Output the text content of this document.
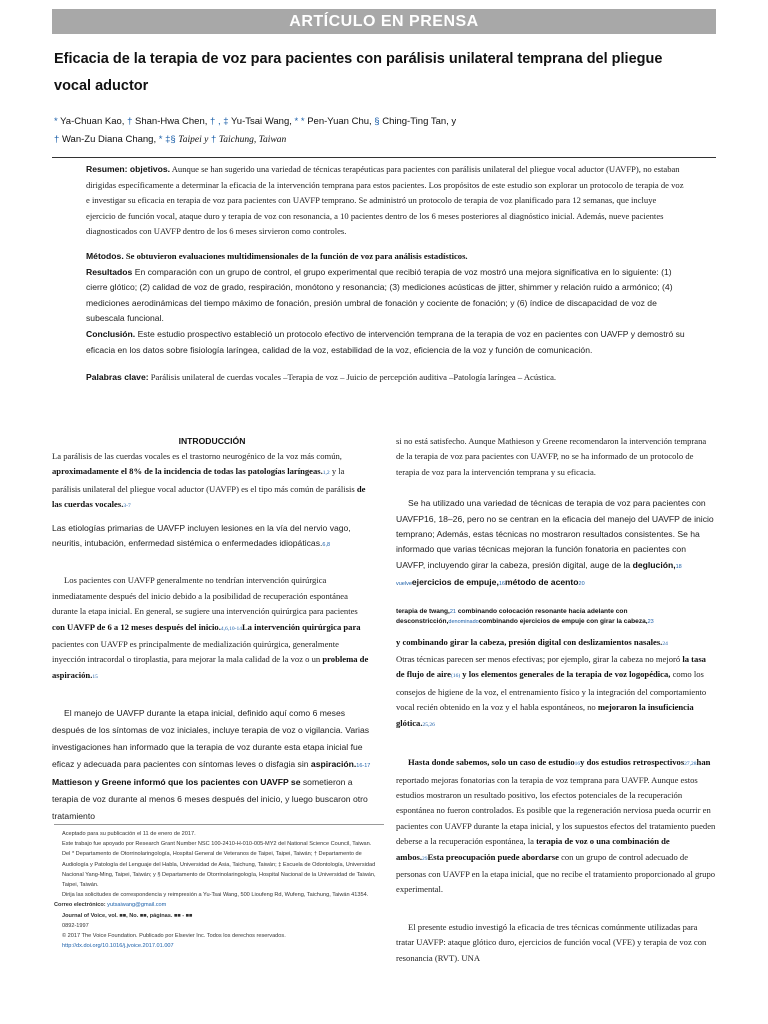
ARTÍCULO EN PRENSA
Eficacia de la terapia de voz para pacientes con parálisis unilateral temprana del pliegue vocal aductor
* Ya-Chuan Kao, † Shan-Hwa Chen, † , ‡ Yu-Tsai Wang, * * Pen-Yuan Chu, § Ching-Ting Tan, y
† Wan-Zu Diana Chang, * ‡§ Taipei y † Taichung, Taiwan

Resumen: objetivos. Aunque se han sugerido una variedad de técnicas terapéuticas para pacientes con parálisis unilateral del pliegue vocal aductor (UAVFP), no estaban dirigidas específicamente a determinar la eficacia de la intervención temprana para estos pacientes. Los propósitos de este estudio son explorar un protocolo de terapia de voz e investigar su eficacia en terapia de voz para pacientes con UAVFP temprano. Se administró un protocolo de terapia de voz planificado para 12 semanas, que incluye ejercicio de función vocal, ataque duro y terapia de voz con resonancia, a 10 pacientes dentro de los 6 meses posteriores al diagnóstico inicial. Además, nueve pacientes diagnosticados con UAVFP dentro de los 6 meses sirvieron como controles.

Métodos. Se obtuvieron evaluaciones multidimensionales de la función de voz para análisis estadísticos.

Resultados En comparación con un grupo de control, el grupo experimental que recibió terapia de voz mostró una mejora significativa en lo siguiente: (1) cierre glótico; (2) calidad de voz de grado, respiración, monótono y resonancia; (3) mediciones acústicas de jitter, shimmer y relación ruido a armónico; (4) mediciones aerodinámicas del tiempo máximo de fonación, presión umbral de fonación y cociente de fonación; y (6) índice de discapacidad de voz de subescala funcional.

Conclusión. Este estudio prospectivo estableció un protocolo efectivo de intervención temprana de la terapia de voz en pacientes con UAVFP y demostró su eficacia en los datos sobre fisiología laríngea, calidad de la voz, estabilidad de la voz, eficiencia de la voz y función de comunicación.

Palabras clave: Parálisis unilateral de cuerdas vocales –Terapia de voz – Juicio de percepción auditiva –Patología laríngea – Acústica.

INTRODUCCIÓN

La parálisis de las cuerdas vocales es el trastorno neurogénico de la voz más común, aproximadamente el 8% de la incidencia de todas las patologías laríngeas.1,2 y la parálisis unilateral del pliegue vocal aductor (UAVFP) es el tipo más común de parálisis de las cuerdas vocales.3-7

Las etiologías primarias de UAVFP incluyen lesiones en la vía del nervio vago, neuritis, intubación, enfermedad sistémica o enfermedades idiopáticas.6,8

Los pacientes con UAVFP generalmente no tendrían intervención quirúrgica inmediatamente después del inicio debido a la posibilidad de recuperación espontánea durante la etapa inicial. En general, se sugiere una intervención quirúrgica para pacientes con UAVFP de 6 a 12 meses después del inicio.4,6,10-14La intervención quirúrgica para pacientes con UAVFP es principalmente de medialización quirúrgica, generalmente inyección intracordal o tiroplastia, para mejorar la mala calidad de la voz o un problema de aspiración.15

El manejo de UAVFP durante la etapa inicial, definido aquí como 6 meses después de los síntomas de voz iniciales, incluye terapia de voz o vigilancia. Varias investigaciones han informado que la terapia de voz durante esta etapa inicial fue eficaz y adecuada para pacientes con síntomas leves o disfagia sin aspiración.16-17 Mattieson y Greene informó que los pacientes con UAVFP se sometieron a terapia de voz durante al menos 6 meses después del inicio, y luego buscaron otro tratamiento

si no está satisfecho. Aunque Mathieson y Greene recomendaron la intervención temprana de la terapia de voz para pacientes con UAVFP, no se ha informado de un protocolo de terapia de voz para la intervención temprana y su eficacia.

Se ha utilizado una variedad de técnicas de terapia de voz para pacientes con UAVFP16, 18–26, pero no se centran en la eficacia del manejo del UAVFP de inicio temprano; Además, estas técnicas no mostraron resultados consistentes. Se ha informado que varias técnicas mejoran la función fonatoria en pacientes con UAVFP, incluyendo girar la cabeza, presión digital, auge de la deglución,18 vuelveejercicios de empuje,16método de acento20

terapia de twang,21 combinando colocación resonante hacia adelante con desconstricción,denominadocombinando ejercicios de empuje con girar la cabeza,23

y combinando girar la cabeza, presión digital con deslizamientos nasales.24

Otras técnicas parecen ser menos efectivas; por ejemplo, girar la cabeza no mejoró la tasa de flujo de aire(16) y los elementos generales de la terapia de voz logopédica, como los consejos de higiene de la voz, el entrenamiento físico y la integración del comportamiento vocal recién obtenido en la voz y el habla espontáneos, no mejoraron la insuficiencia glótica.25,26

Hasta donde sabemos, solo un caso de estudio16y dos estudios retrospectivos27,28han reportado mejoras fonatorias con la terapia de voz temprana para UAVFP. Aunque estos estudios mostraron un resultado positivo, los efectos potenciales de la recuperación espontánea no fueron controlados. Es posible que la regeneración nerviosa pueda ocurrir en pacientes con UAVFP durante la etapa inicial, y los supuestos efectos del tratamiento pueden deberse a la recuperación espontánea, la terapia de voz o una combinación de ambos.29Esta preocupación puede abordarse con un grupo de control adecuado de personas con UAVFP en la etapa inicial, que no recibe el tratamiento proporcionado al grupo experimental.

El presente estudio investigó la eficacia de tres técnicas comúnmente utilizadas para tratar UAVFP: ataque glótico duro, ejercicios de función vocal (VFE) y terapia de voz con resonancia (RVT). UNA

Aceptado para su publicación el 11 de enero de 2017.

Este trabajo fue apoyado por Research Grant Number NSC 100-2410-H-010-005-MY2 del National Science Council, Taiwan.

Del * Departamento de Otorrinolaringología, Hospital General de Veteranos de Taipei, Taipei, Taiwán; † Departamento de Audiología y Patología del Lenguaje del Habla, Universidad de Asia, Taichung, Taiwán; ‡ Escuela de Odontología, Universidad Nacional Yang-Ming, Taipei, Taiwán; y § Departamento de Otorrinolaringología, Hospital Nacional de la Universidad de Taiwán, Taipei, Taiwán.

Dirija las solicitudes de correspondencia y reimpresión a Yu-Tsai Wang, 500 Lioufeng Rd, Wufeng, Taichung, Taiwán 41354.

Correo electrónico: yutsaiwang@gmail.com

Journal of Voice, vol. ■■, No. ■■, páginas. ■■ - ■■

0892-1997

© 2017 The Voice Foundation. Publicado por Elsevier Inc. Todos los derechos reservados.

http://dx.doi.org/10.1016/j.jvoice.2017.01.007
